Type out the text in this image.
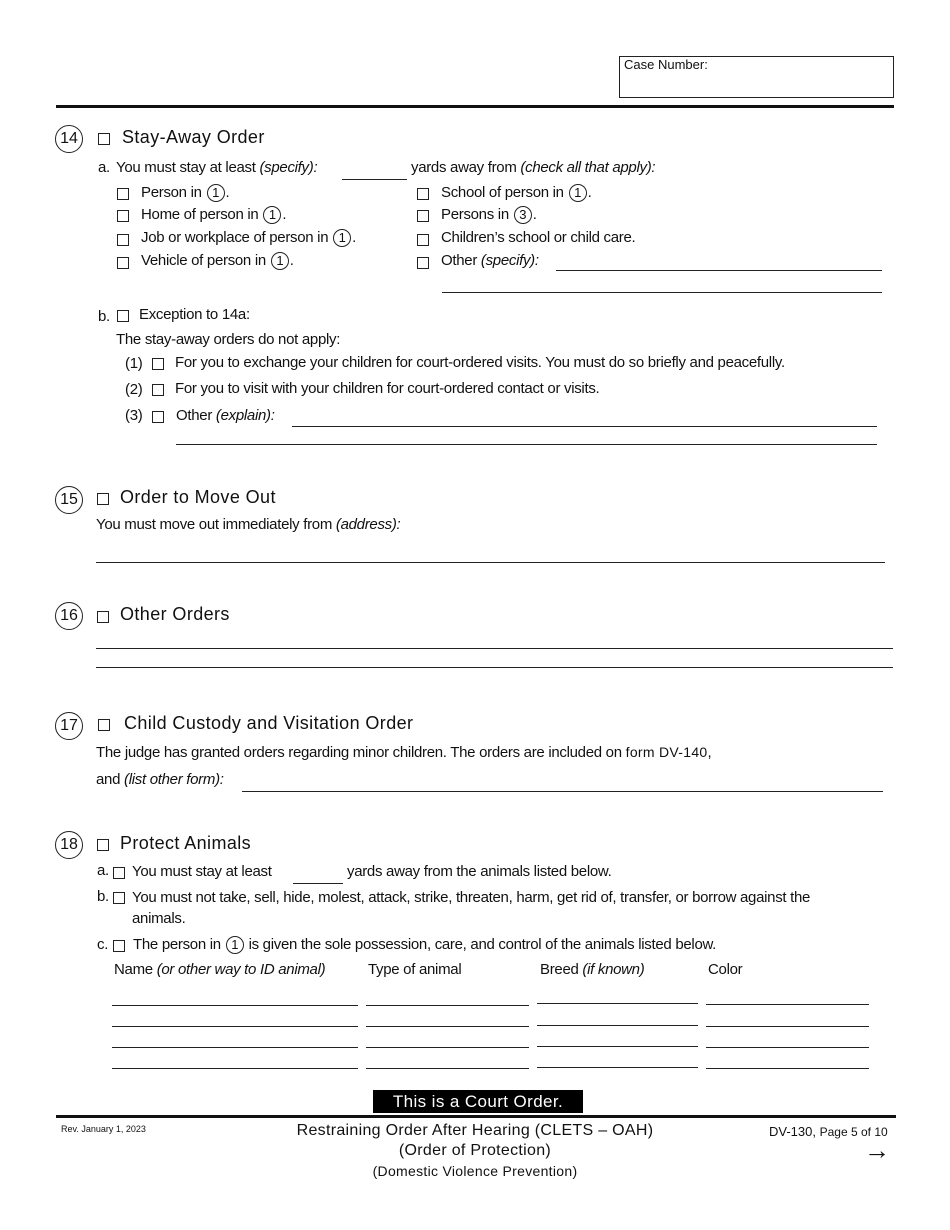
Case Number:
14 Stay-Away Order
a. You must stay at least (specify):	yards away from (check all that apply):
Person in 1 .
Home of person in 1 .
Job or workplace of person in 1 .
Vehicle of person in 1 .
School of person in 1 .
Persons in 3 .
Children’s school or child care.
Other (specify):
b. Exception to 14a:
The stay-away orders do not apply:
(1) For you to exchange your children for court-ordered visits. You must do so briefly and peacefully.
(2) For you to visit with your children for court-ordered contact or visits.
(3) Other (explain):
15 Order to Move Out
You must move out immediately from (address):
16 Other Orders
17	Child Custody and Visitation Order
The judge has granted orders regarding minor children. The orders are included on form DV-140,
and (list other form):
18 Protect Animals
a. You must stay at least	yards away from the animals listed below.
b. You must not take, sell, hide, molest, attack, strike, threaten, harm, get rid of, transfer, or borrow against the
animals.
c. The person in 1 is given the sole possession, care, and control of the animals listed below.
Name (or other way to ID animal)	Type of animal	Breed (if known)	Color
This is a Court Order.
Rev. January 1, 2023	Restraining Order After Hearing (CLETS – OAH)
(Order of Protection)
(Domestic Violence Prevention)
DV-130, Page 5 of 10
→
